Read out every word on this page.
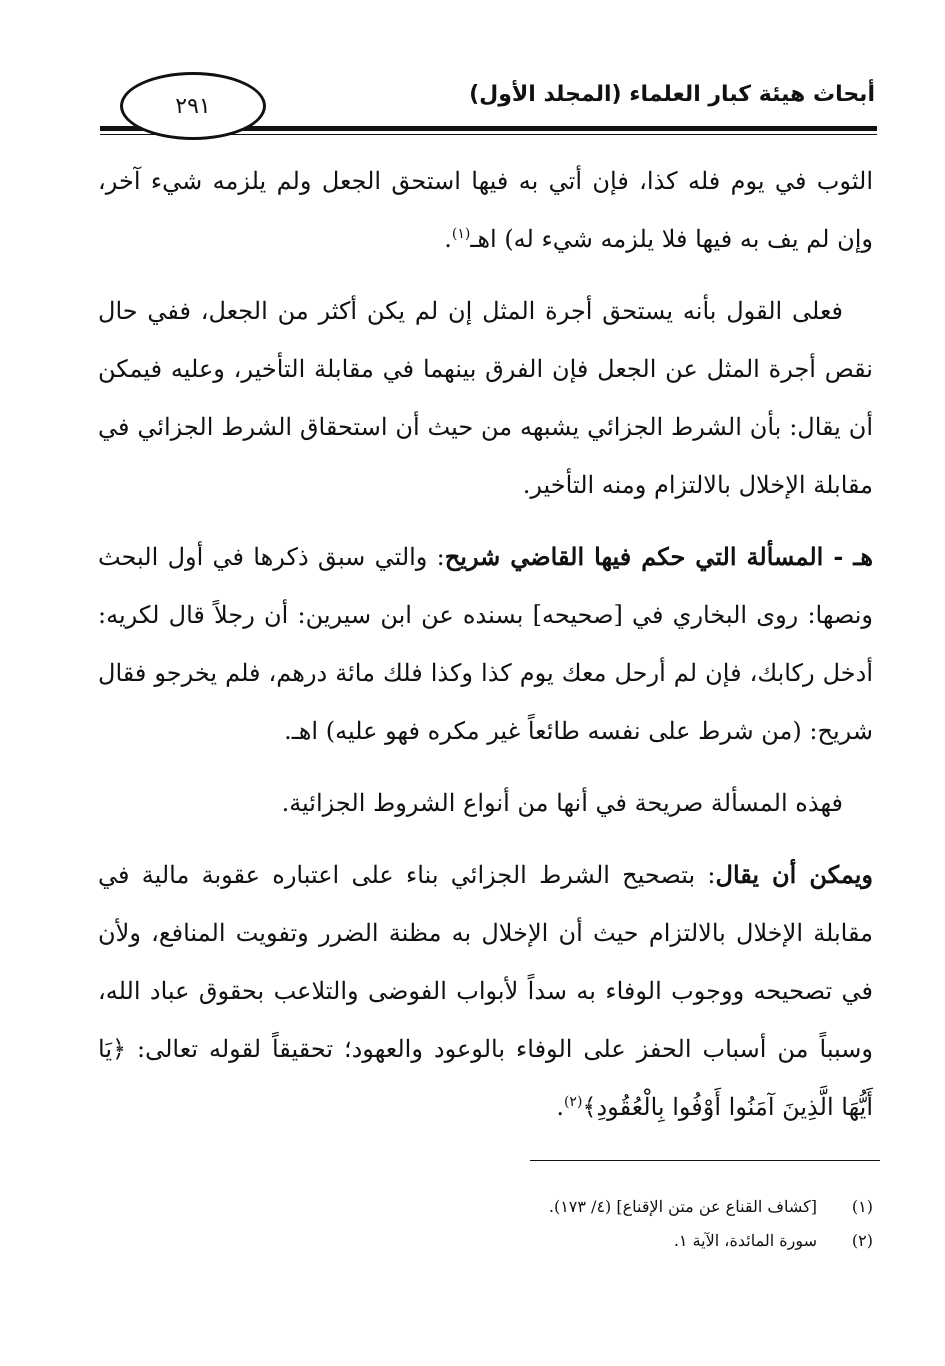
أبحاث هيئة كبار العلماء (المجلد الأول)
٢٩١

الثوب في يوم فله كذا، فإن أتي به فيها استحق الجعل ولم يلزمه شيء آخر، وإن لم يف به فيها فلا يلزمه شيء له) اهـ$^{(١)}$.

فعلى القول بأنه يستحق أجرة المثل إن لم يكن أكثر من الجعل، ففي حال نقص أجرة المثل عن الجعل فإن الفرق بينهما في مقابلة التأخير، وعليه فيمكن أن يقال: بأن الشرط الجزائي يشبهه من حيث أن استحقاق الشرط الجزائي في مقابلة الإخلال بالالتزام ومنه التأخير.

هـ - المسألة التي حكم فيها القاضي شريح: والتي سبق ذكرها في أول البحث ونصها: روى البخاري في [صحيحه] بسنده عن ابن سيرين: أن رجلاً قال لكريه: أدخل ركابك، فإن لم أرحل معك يوم كذا وكذا فلك مائة درهم، فلم يخرجو فقال شريح: (من شرط على نفسه طائعاً غير مكره فهو عليه) اهـ.

فهذه المسألة صريحة في أنها من أنواع الشروط الجزائية.

ويمكن أن يقال: بتصحيح الشرط الجزائي بناء على اعتباره عقوبة مالية في مقابلة الإخلال بالالتزام حيث أن الإخلال به مظنة الضرر وتفويت المنافع، ولأن في تصحيحه ووجوب الوفاء به سداً لأبواب الفوضى والتلاعب بحقوق عباد الله، وسبباً من أسباب الحفز على الوفاء بالوعود والعهود؛ تحقيقاً لقوله تعالى: ﴿يَا أَيُّهَا الَّذِينَ آمَنُوا أَوْفُوا بِالْعُقُودِ﴾$^{(٢)}$.

(١)
[كشاف القناع عن متن الإقناع] (٤/ ١٧٣).
(٢)
سورة المائدة، الآية ١.
